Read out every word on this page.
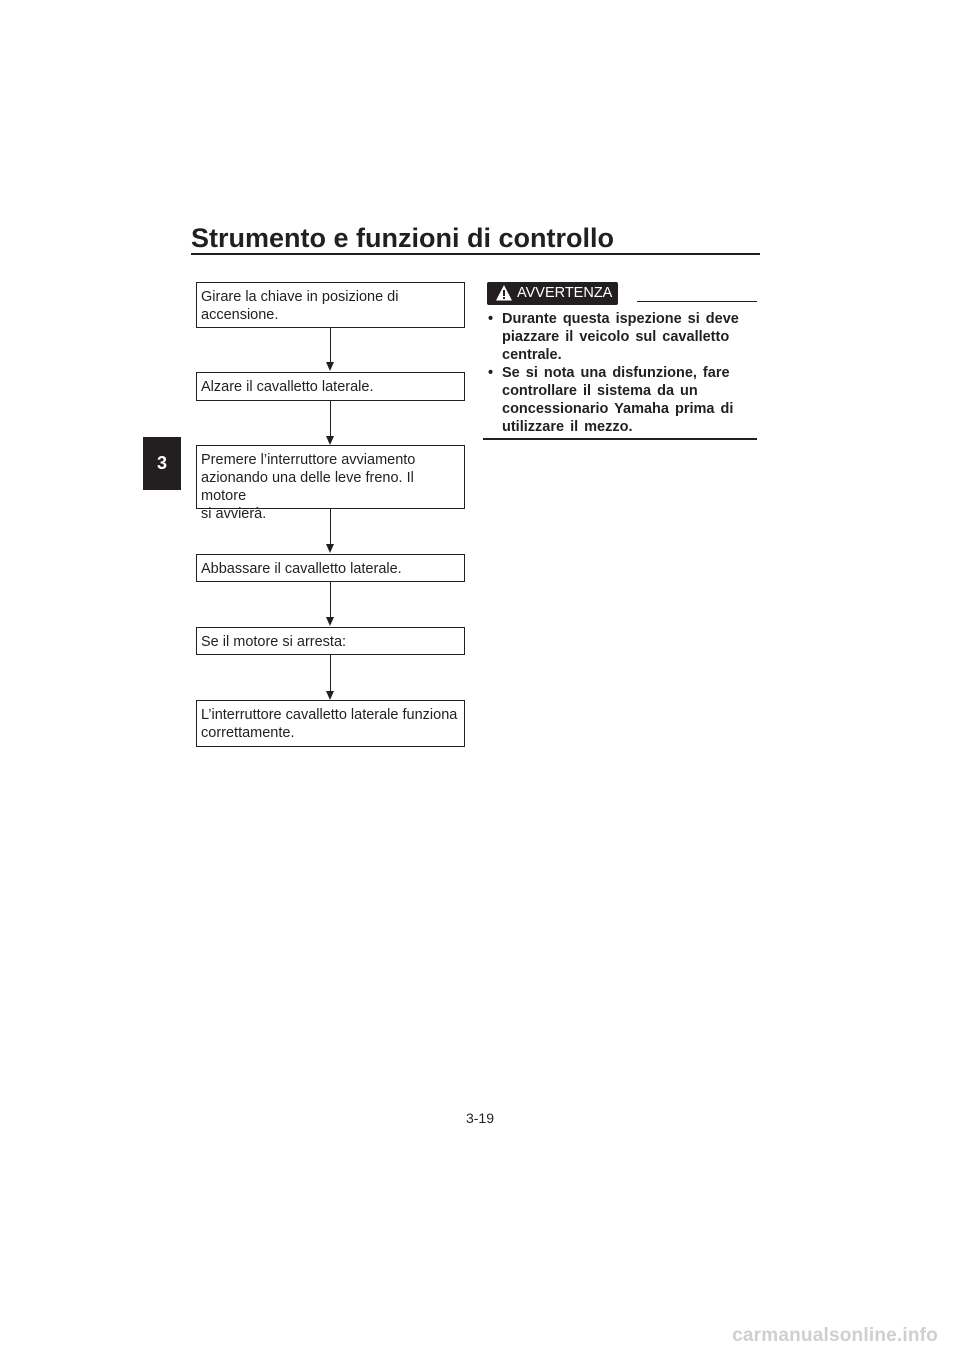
Strumento e funzioni di controllo
3
Girare la chiave in posizione di
accensione.
Alzare il cavalletto laterale.
Premere l’interruttore avviamento
azionando una delle leve freno. Il motore
si avvierà.
Abbassare il cavalletto laterale.
Se il motore si arresta:
L’interruttore cavalletto laterale funziona
correttamente.
AVVERTENZA
• Durante questa ispezione si deve piazzare il veicolo sul cavalletto centrale.
• Se si nota una disfunzione, fare controllare il sistema da un concessionario Yamaha prima di utilizzare il mezzo.
3-19
carmanualsonline.info
